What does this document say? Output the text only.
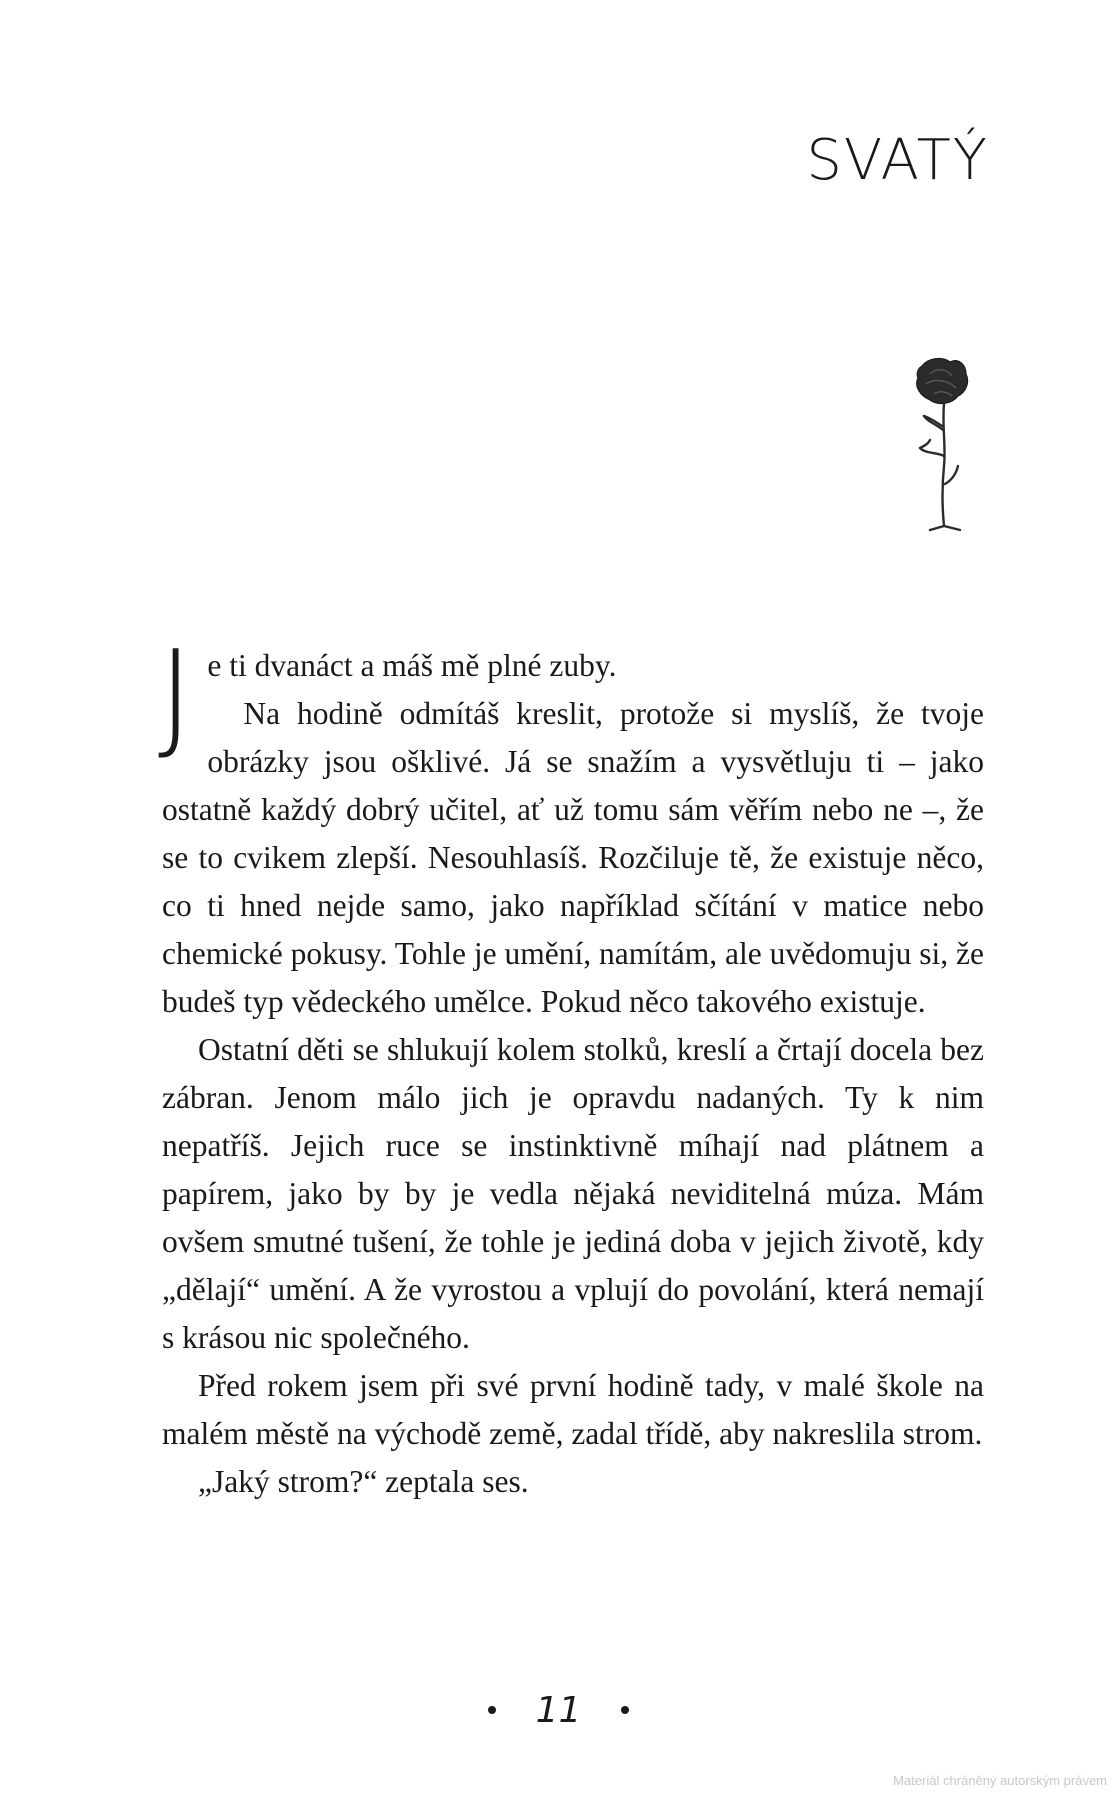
SVATÝ
J e ti dvanáct a máš mě plné zuby.

Na hodině odmítáš kreslit, protože si myslíš, že tvoje obrázky jsou ošklivé. Já se snažím a vysvětluju ti – jako ostatně každý dobrý učitel, ať už tomu sám věřím nebo ne –, že se to cvikem zlepší. Nesouhlasíš. Rozčiluje tě, že existuje něco, co ti hned nejde samo, jako například sčítání v matice nebo chemické pokusy. Tohle je umění, namítám, ale uvědomuju si, že budeš typ vědeckého umělce. Pokud něco takového existuje.

Ostatní děti se shlukují kolem stolků, kreslí a črtají docela bez zábran. Jenom málo jich je opravdu nadaných. Ty k nim nepatříš. Jejich ruce se instinktivně míhají nad plátnem a papírem, jako by by je vedla nějaká neviditelná múza. Mám ovšem smutné tušení, že tohle je jediná doba v jejich životě, kdy „dělají“ umění. A že vyrostou a vplují do povolání, která nemají s krásou nic společného.

Před rokem jsem při své první hodině tady, v malé škole na malém městě na východě země, zadal třídě, aby nakreslila strom.

„Jaký strom?“ zeptala ses.

11
Materiál chráněný autorským právem
